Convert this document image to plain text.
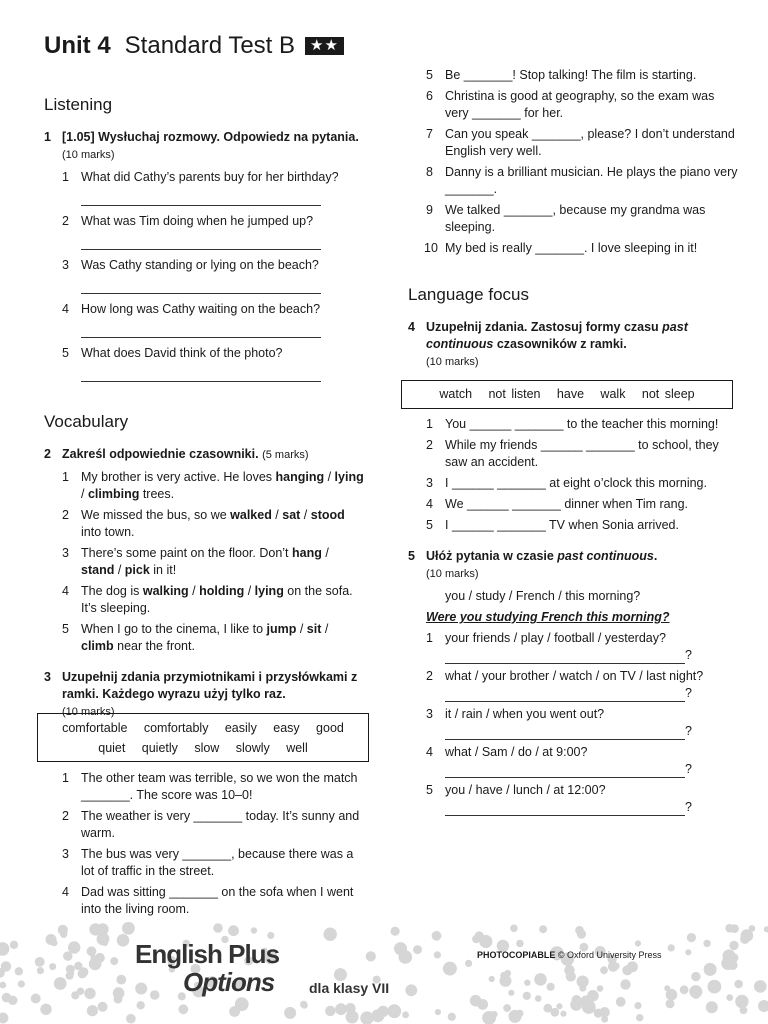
Unit 4 Standard Test B ★★
Listening
1 [1.05] Wysłuchaj rozmowy. Odpowiedz na pytania. (10 marks)
1 What did Cathy’s parents buy for her birthday?
2 What was Tim doing when he jumped up?
3 Was Cathy standing or lying on the beach?
4 How long was Cathy waiting on the beach?
5 What does David think of the photo?
Vocabulary
2 Zakreśl odpowiednie czasowniki. (5 marks)
1 My brother is very active. He loves hanging / lying / climbing trees.
2 We missed the bus, so we walked / sat / stood into town.
3 There’s some paint on the floor. Don’t hang / stand / pick in it!
4 The dog is walking / holding / lying on the sofa. It’s sleeping.
5 When I go to the cinema, I like to jump / sit / climb near the front.
3 Uzupełnij zdania przymiotnikami i przysłówkami z ramki. Każdego wyrazu użyj tylko raz.
(10 marks)
comfortable   comfortably   easily   easy   good
quiet   quietly   slow   slowly   well
1 The other team was terrible, so we won the match _______. The score was 10–0!
2 The weather is very _______ today. It’s sunny and warm.
3 The bus was very _______, because there was a lot of traffic in the street.
4 Dad was sitting _______ on the sofa when I went into the living room.
5 Be _______! Stop talking! The film is starting.
6 Christina is good at geography, so the exam was very _______ for her.
7 Can you speak _______, please? I don’t understand English very well.
8 Danny is a brilliant musician. He plays the piano very _______.
9 We talked _______, because my grandma was sleeping.
10 My bed is really _______. I love sleeping in it!
Language focus
4 Uzupełnij zdania. Zastosuj formy czasu past continuous czasowników z ramki.
(10 marks)
watch   not listen   have   walk   not sleep
1 You ______ _______ to the teacher this morning!
2 While my friends ______ _______ to school, they saw an accident.
3 I ______ _______ at eight o’clock this morning.
4 We ______ _______ dinner when Tim rang.
5 I ______ _______ TV when Sonia arrived.
5 Ułóż pytania w czasie past continuous.
(10 marks)
you / study / French / this morning?
Were you studying French this morning?
1 your friends / play / football / yesterday?
?
2 what / your brother / watch / on TV / last night?
?
3 it / rain / when you went out?
?
4 what / Sam / do / at 9:00?
?
5 you / have / lunch / at 12:00?
?
English Plus
Options	dla klasy VII
PHOTOCOPIABLE © Oxford University Press
